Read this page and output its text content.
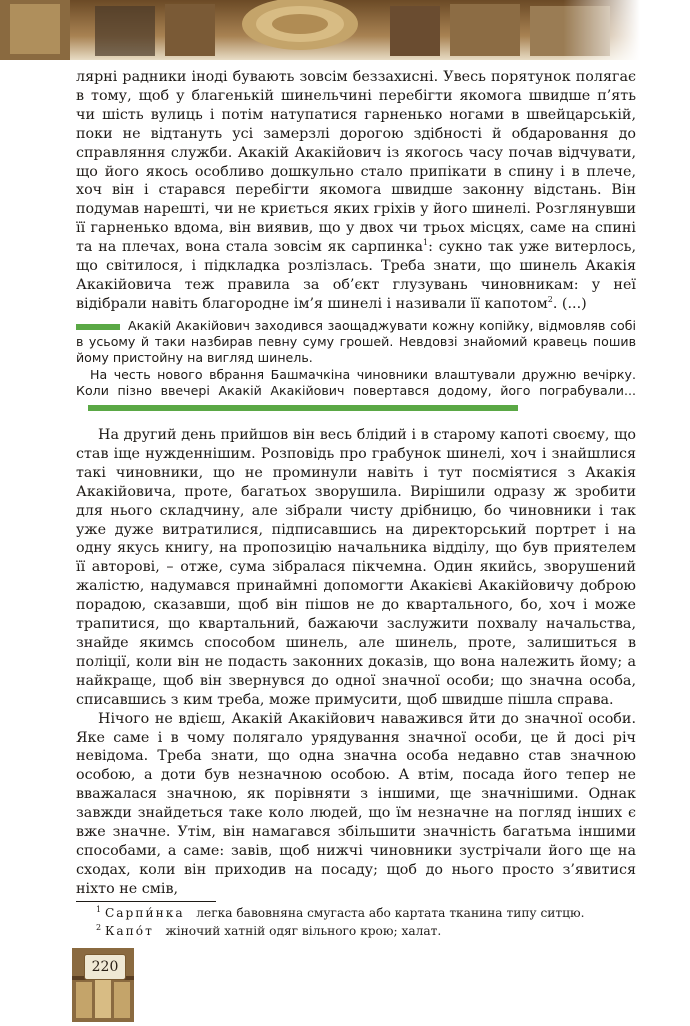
лярні радники іноді бувають зовсім беззахисні. Увесь порятунок полягає в тому, щоб у благенькій шинельчині перебігти якомога швидше п’ять чи шість вулиць і потім натупатися гарненько ногами в швейцарській, поки не відтануть усі замерзлі дорогою здібності й обдаровання до справляння служби. Акакій Акакійович із якогось часу почав відчувати, що його якось особливо дошкульно стало припікати в спину і в плече, хоч він і старався перебігти якомога швидше законну відстань. Він подумав нарешті, чи не криється яких гріхів у його шинелі. Розглянувши її гарненько вдома, він виявив, що у двох чи трьох місцях, саме на спині та на плечах, вона стала зовсім як сарпинка$^1$: сукно так уже витерлось, що світилося, і підкладка розлізлась. Треба знати, що шинель Акакія Акакійовича теж правила за об’єкт глузувань чиновникам: у неї відібрали навіть благородне ім’я шинелі і називали її капотом$^2$. (...)

Акакій Акакійович заходився заощаджувати кожну копійку, відмовляв собі в усьому й таки назбирав певну суму грошей. Невдовзі знайомий кравець пошив йому пристойну на вигляд шинель.

На честь нового вбрання Башмачкіна чиновники влаштували дружню вечірку. Коли пізно ввечері Акакій Акакійович повертався додому, його пограбували...

На другий день прийшов він весь блідий і в старому капоті своєму, що став іще нужденнішим. Розповідь про грабунок шинелі, хоч і знайшлися такі чиновники, що не проминули навіть і тут посміятися з Акакія Акакійовича, проте, багатьох зворушила. Вирішили одразу ж зробити для нього складчину, але зібрали чисту дрібницю, бо чиновники і так уже дуже витратилися, підписавшись на директорський портрет і на одну якусь книгу, на пропозицію начальника відділу, що був приятелем її авторові, – отже, сума зібралася пікчемна. Один якийсь, зворушений жалістю, надумався принаймні допомогти Акакієві Акакійовичу доброю порадою, сказавши, щоб він пішов не до квартального, бо, хоч і може трапитися, що квартальний, бажаючи заслужити похвалу начальства, знайде якимсь способом шинель, але шинель, проте, залишиться в поліції, коли він не подасть законних доказів, що вона належить йому; а найкраще, щоб він звернувся до одної значної особи; що значна особа, списавшись з ким треба, може примусити, щоб швидше пішла справа.

Нічого не вдієш, Акакій Акакійович наважився йти до значної особи. Яке саме і в чому полягало урядування значної особи, це й досі річ невідома. Треба знати, що одна значна особа недавно став значною особою, а доти був незначною особою. А втім, посада його тепер не вважалася значною, як порівняти з іншими, ще значнішими. Однак завжди знайдеться таке коло людей, що їм незначне на погляд інших є вже значне. Утім, він намагався збільшити значність багатьма іншими способами, а саме: завів, щоб нижчі чиновники зустрічали його ще на сходах, коли він приходив на посаду; щоб до нього просто з’явитися ніхто не смів,

$^1$ Сарпи́нка легка бавовняна смугаста або картата тканина типу ситцю.
$^2$ Капо́т жіночий хатній одяг вільного крою; халат.
220
